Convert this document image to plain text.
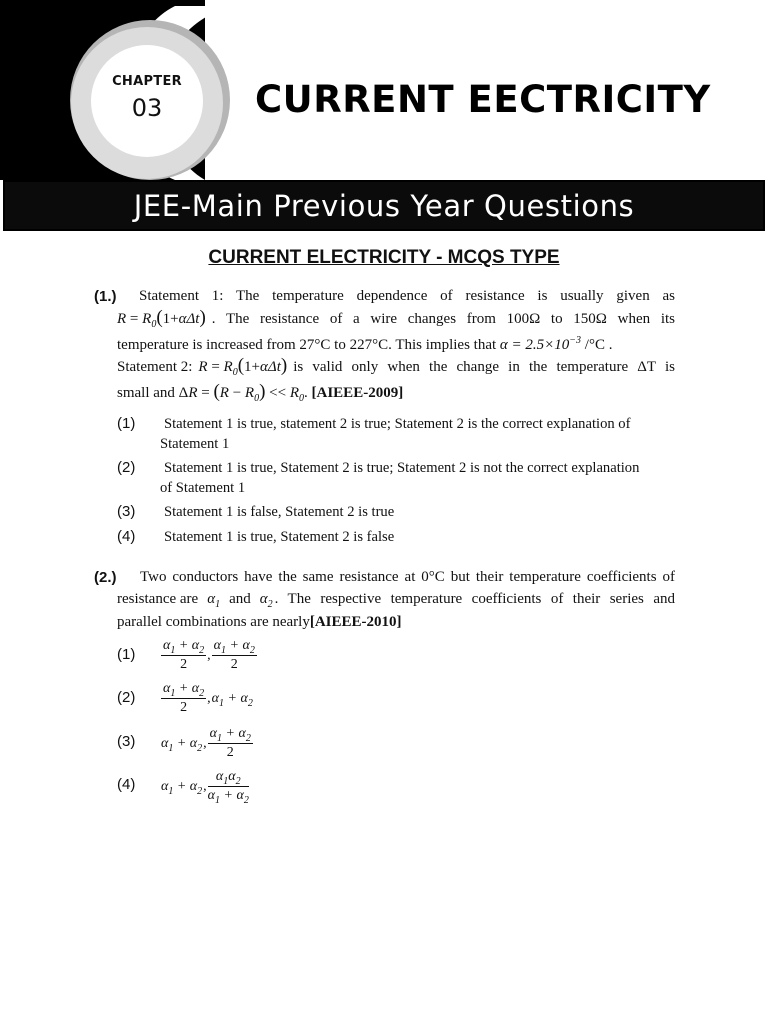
CHAPTER
03	CURRENT EECTRICITY
JEE-Main Previous Year Questions
CURRENT ELECTRICITY - MCQS TYPE
(1.) Statement 1: The temperature dependence of resistance is usually given as
$R = R_0(1+\alpha\Delta t)$ . The resistance of a wire changes from 100Ω to 150Ω when its
temperature is increased from 27°C to 227°C. This implies that $\alpha = 2.5\times 10^{-3}$ /°C .
Statement 2: $R = R_0(1+\alpha\Delta t)$ is valid only when the change in the temperature ΔT is
small and $\Delta R = (R - R_0) << R_0$. [AIEEE-2009]
(1) Statement 1 is true, statement 2 is true; Statement 2 is the correct explanation of
Statement 1
(2) Statement 1 is true, Statement 2 is true; Statement 2 is not the correct explanation
of Statement 1
(3) Statement 1 is false, Statement 2 is true
(4) Statement 1 is true, Statement 2 is false
(2.) Two conductors have the same resistance at 0°C but their temperature coefficients of
resistance are $\alpha_1$ and $\alpha_2$ . The respective temperature coefficients of their series and
parallel combinations are nearly[AIEEE-2010]
$(1) \frac{\alpha_1 + \alpha_2}{2}$ , $\frac{\alpha_1 + \alpha_2}{2}$
$(2) \frac{\alpha_1 + \alpha_2}{2}$ , $\alpha_1 + \alpha_2$
(3) $\alpha_1 + \alpha_2$ , $\frac{\alpha_1 + \alpha_2}{2}$
(4) $\alpha_1 + \alpha_2$ , $\frac{\alpha_1\alpha_2}{\alpha_1 + \alpha_2}$
